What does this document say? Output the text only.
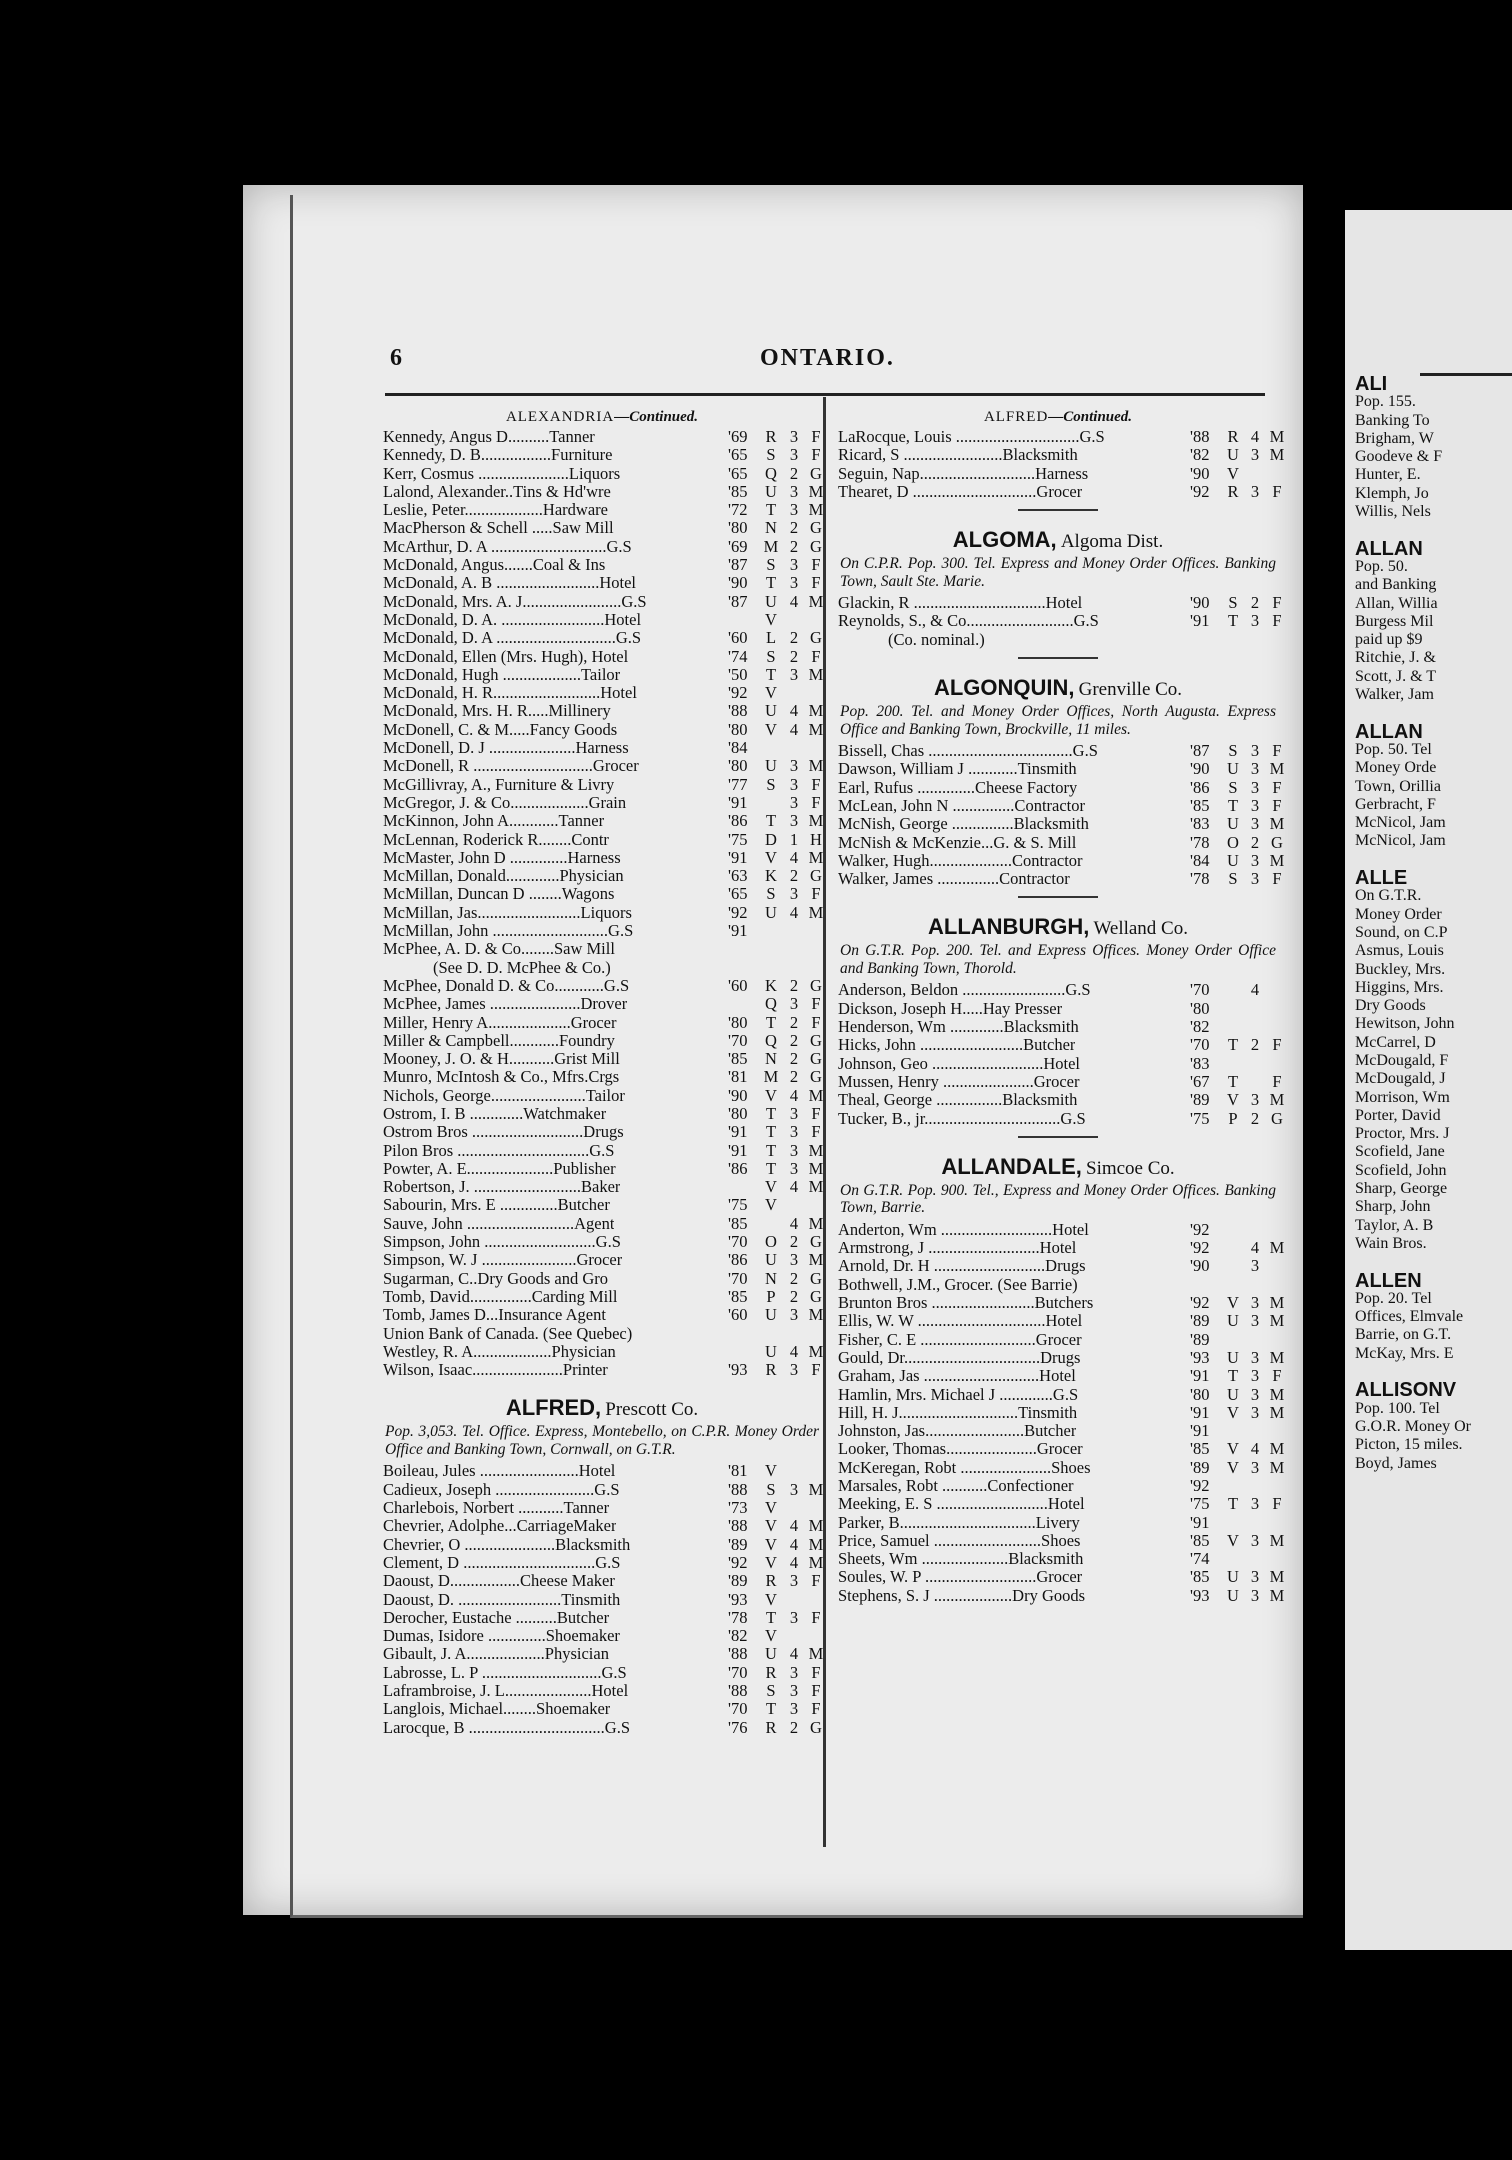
6	ONTARIO.
ALEXANDRIA—Continued.
Kennedy, Angus D..........Tanner	'69	R 3 F
Kennedy, D. B.................Furniture	'65	S 3 F
Kerr, Cosmus ......................Liquors	'65	Q 2 G
Lalond, Alexander..Tins & Hd'wre	'85	U 3 M
Leslie, Peter...................Hardware	'72	T 3 M
MacPherson & Schell .....Saw Mill	'80	N 2 G
McArthur, D. A ............................G.S	'69 M 2 G
McDonald, Angus.......Coal & Ins	'87	S 3 F
McDonald, A. B .........................Hotel	'90	T 3 F
McDonald, Mrs. A. J........................G.S	'87	U 4 M
McDonald, D. A. .........................Hotel	V
McDonald, D. A .............................G.S	'60	L 2 G
McDonald, Ellen (Mrs. Hugh), Hotel	'74	S 2 F
McDonald, Hugh ...................Tailor	'50	T 3 M
McDonald, H. R..........................Hotel	'92	V
McDonald, Mrs. H. R.....Millinery	'88	U 4 M
McDonell, C. & M.....Fancy Goods	'80	V 4 M
McDonell, D. J .....................Harness	'84
McDonell, R .............................Grocer	'80	U 3 M
McGillivray, A., Furniture & Livry	'77	S 3 F
McGregor, J. & Co...................Grain	'91	3 F
McKinnon, John A............Tanner	'86	T 3 M
McLennan, Roderick R........Contr	'75	D 1 H
McMaster, John D ..............Harness	'91	V 4 M
McMillan, Donald.............Physician	'63	K 2 G
McMillan, Duncan D ........Wagons	'65	S 3 F
McMillan, Jas.........................Liquors	'92	U 4 M
McMillan, John ............................G.S	'91
McPhee, A. D. & Co........Saw Mill
(See D. D. McPhee & Co.)
McPhee, Donald D. & Co............G.S	'60	K 2 G
McPhee, James ......................Drover	Q 3 F
Miller, Henry A....................Grocer	'80	T 2 F
Miller & Campbell............Foundry	'70	Q 2 G
Mooney, J. O. & H...........Grist Mill	'85	N 2 G
Munro, McIntosh & Co., Mfrs.Crgs	'81 M 2 G
Nichols, George.......................Tailor	'90	V 4 M
Ostrom, I. B .............Watchmaker	'80	T 3 F
Ostrom Bros ...........................Drugs	'91	T 3 F
Pilon Bros ................................G.S	'91	T 3 M
Powter, A. E.....................Publisher	'86	T 3 M
Robertson, J. ..........................Baker	V 4 M
Sabourin, Mrs. E ..............Butcher	'75	V
Sauve, John ..........................Agent	'85	4 M
Simpson, John ...........................G.S	'70	O 2 G
Simpson, W. J .......................Grocer	'86	U 3 M
Sugarman, C..Dry Goods and Gro	'70	N 2 G
Tomb, David...............Carding Mill	'85	P 2 G
Tomb, James D...Insurance Agent	'60	U 3 M
Union Bank of Canada. (See Quebec)
Westley, R. A...................Physician	U 4 M
Wilson, Isaac......................Printer	'93	R 3 F
ALFRED, Prescott Co.
Pop. 3,053. Tel. Office. Express, Montebello, on C.P.R. Money Order Office and Banking Town, Cornwall, on G.T.R.
Boileau, Jules ........................Hotel	'81	V
Cadieux, Joseph ........................G.S	'88	S 3 M
Charlebois, Norbert ...........Tanner	'73	V
Chevrier, Adolphe...CarriageMaker	'88	V 4 M
Chevrier, O ......................Blacksmith	'89	V 4 M
Clement, D ................................G.S	'92	V 4 M
Daoust, D.................Cheese Maker	'89	R 3 F
Daoust, D. .........................Tinsmith	'93	V
Derocher, Eustache ..........Butcher	'78	T 3 F
Dumas, Isidore ..............Shoemaker	'82	V
Gibault, J. A...................Physician	'88	U 4 M
Labrosse, L. P .............................G.S	'70	R 3 F
Laframbroise, J. L.....................Hotel	'88	S 3 F
Langlois, Michael........Shoemaker	'70	T 3 F
Larocque, B .................................G.S	'76	R 2 G
ALFRED—Continued.
LaRocque, Louis ..............................G.S	'88	R 4 M
Ricard, S ........................Blacksmith	'82	U 3 M
Seguin, Nap............................Harness	'90	V
Thearet, D ..............................Grocer	'92	R 3 F
ALGOMA, Algoma Dist.
On C.P.R. Pop. 300. Tel. Express and Money Order Offices. Banking Town, Sault Ste. Marie.
Glackin, R ................................Hotel	'90	S 2 F
Reynolds, S., & Co..........................G.S	'91	T 3 F
(Co. nominal.)
ALGONQUIN, Grenville Co.
Pop. 200. Tel. and Money Order Offices, North Augusta. Express Office and Banking Town, Brockville, 11 miles.
Bissell, Chas ...................................G.S	'87	S 3 F
Dawson, William J ............Tinsmith	'90	U 3 M
Earl, Rufus ..............Cheese Factory	'86	S 3 F
McLean, John N ...............Contractor	'85	T 3 F
McNish, George ...............Blacksmith	'83	U 3 M
McNish & McKenzie...G. & S. Mill	'78	O 2 G
Walker, Hugh....................Contractor	'84	U 3 M
Walker, James ...............Contractor	'78	S 3 F
ALLANBURGH, Welland Co.
On G.T.R. Pop. 200. Tel. and Express Offices. Money Order Office and Banking Town, Thorold.
Anderson, Beldon .........................G.S	'70	4
Dickson, Joseph H.....Hay Presser	'80
Henderson, Wm .............Blacksmith	'82
Hicks, John .........................Butcher	'70	T 2 F
Johnson, Geo ...........................Hotel	'83
Mussen, Henry ......................Grocer	'67	T	F
Theal, George ................Blacksmith	'89	V 3 M
Tucker, B., jr.................................G.S	'75	P 2 G
ALLANDALE, Simcoe Co.
On G.T.R. Pop. 900. Tel., Express and Money Order Offices. Banking Town, Barrie.
Anderton, Wm ...........................Hotel	'92
Armstrong, J ...........................Hotel	'92	4 M
Arnold, Dr. H ...........................Drugs	'90	3
Bothwell, J.M., Grocer. (See Barrie)
Brunton Bros .........................Butchers	'92	V 3 M
Ellis, W. W ...............................Hotel	'89	U 3 M
Fisher, C. E ............................Grocer	'89
Gould, Dr.................................Drugs	'93	U 3 M
Graham, Jas ............................Hotel	'91	T 3 F
Hamlin, Mrs. Michael J .............G.S	'80	U 3 M
Hill, H. J.............................Tinsmith	'91	V 3 M
Johnston, Jas........................Butcher	'91
Looker, Thomas......................Grocer	'85	V 4 M
McKeregan, Robt ......................Shoes	'89	V 3 M
Marsales, Robt ...........Confectioner	'92
Meeking, E. S ...........................Hotel	'75	T 3 F
Parker, B.................................Livery	'91
Price, Samuel ..........................Shoes	'85	V 3 M
Sheets, Wm .....................Blacksmith	'74
Soules, W. P ...........................Grocer	'85	U 3 M
Stephens, S. J ...................Dry Goods	'93	U 3 M
ALI
Pop. 155.
Banking To
Brigham, W
Goodeve & F
Hunter, E.
Klemph, Jo
Willis, Nels
ALLAN
Pop. 50.
and Banking
Allan, Willia
Burgess Mil
paid up $9
Ritchie, J. &
Scott, J. & T
Walker, Jam
ALLAN
Pop. 50. Tel
Money Orde
Town, Orillia
Gerbracht, F
McNicol, Jam
McNicol, Jam
ALLE
On G.T.R.
Money Order
Sound, on C.P
Asmus, Louis
Buckley, Mrs.
Higgins, Mrs.
Dry Goods
Hewitson, John
McCarrel, D
McDougald, F
McDougald, J
Morrison, Wm
Porter, David
Proctor, Mrs. J
Scofield, Jane
Scofield, John
Sharp, George
Sharp, John
Taylor, A. B
Wain Bros.
ALLEN
Pop. 20. Tel
Offices, Elmvale
Barrie, on G.T.
McKay, Mrs. E
ALLISONV
Pop. 100. Tel
G.O.R. Money Or
Picton, 15 miles.
Boyd, James
